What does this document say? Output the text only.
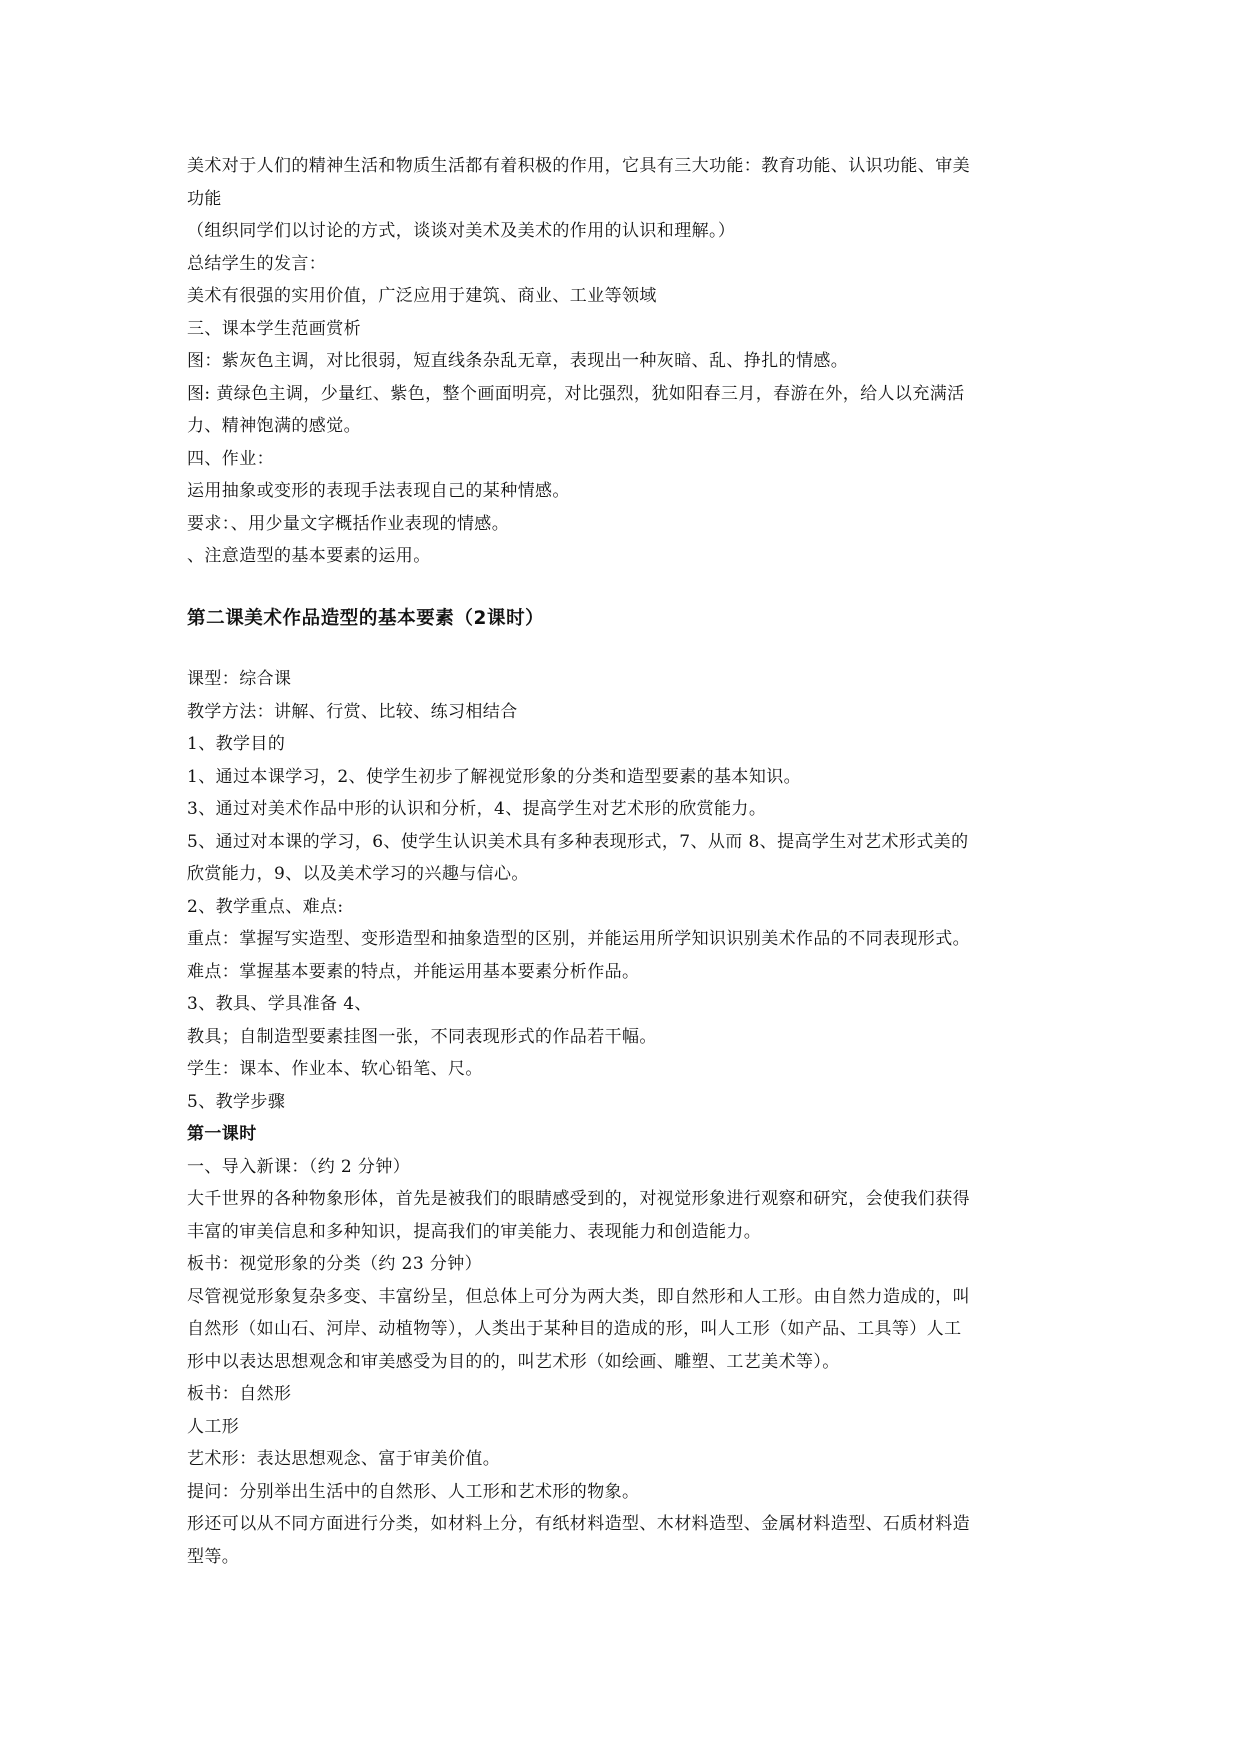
美术对于人们的精神生活和物质生活都有着积极的作用，它具有三大功能：教育功能、认识功能、审美
功能
（组织同学们以讨论的方式，谈谈对美术及美术的作用的认识和理解。）
总结学生的发言：
美术有很强的实用价值，广泛应用于建筑、商业、工业等领域
三、课本学生范画赏析
图：紫灰色主调，对比很弱，短直线条杂乱无章，表现出一种灰暗、乱、挣扎的情感。
图: 黄绿色主调，少量红、紫色，整个画面明亮，对比强烈，犹如阳春三月，春游在外，给人以充满活
力、精神饱满的感觉。
四、作业：
运用抽象或变形的表现手法表现自己的某种情感。
要求：、用少量文字概括作业表现的情感。
、注意造型的基本要素的运用。
第二课美术作品造型的基本要素（2课时）
课型：综合课
教学方法：讲解、行赏、比较、练习相结合
1、教学目的
1、通过本课学习，2、使学生初步了解视觉形象的分类和造型要素的基本知识。
3、通过对美术作品中形的认识和分析，4、提高学生对艺术形的欣赏能力。
5、通过对本课的学习，6、使学生认识美术具有多种表现形式，7、从而 8、提高学生对艺术形式美的
欣赏能力，9、以及美术学习的兴趣与信心。
2、教学重点、难点:
重点：掌握写实造型、变形造型和抽象造型的区别，并能运用所学知识识别美术作品的不同表现形式。
难点：掌握基本要素的特点，并能运用基本要素分析作品。
3、教具、学具准备 4、
教具；自制造型要素挂图一张，不同表现形式的作品若干幅。
学生：课本、作业本、软心铅笔、尺。
5、教学步骤
第一课时
一、导入新课：（约 2 分钟）
大千世界的各种物象形体，首先是被我们的眼睛感受到的，对视觉形象进行观察和研究，会使我们获得
丰富的审美信息和多种知识，提高我们的审美能力、表现能力和创造能力。
板书：视觉形象的分类（约 23 分钟）
尽管视觉形象复杂多变、丰富纷呈，但总体上可分为两大类，即自然形和人工形。由自然力造成的，叫
自然形（如山石、河岸、动植物等），人类出于某种目的造成的形，叫人工形（如产品、工具等）人工
形中以表达思想观念和审美感受为目的的，叫艺术形（如绘画、雕塑、工艺美术等）。
板书：自然形
人工形
艺术形：表达思想观念、富于审美价值。
提问：分别举出生活中的自然形、人工形和艺术形的物象。
形还可以从不同方面进行分类，如材料上分，有纸材料造型、木材料造型、金属材料造型、石质材料造
型等。
